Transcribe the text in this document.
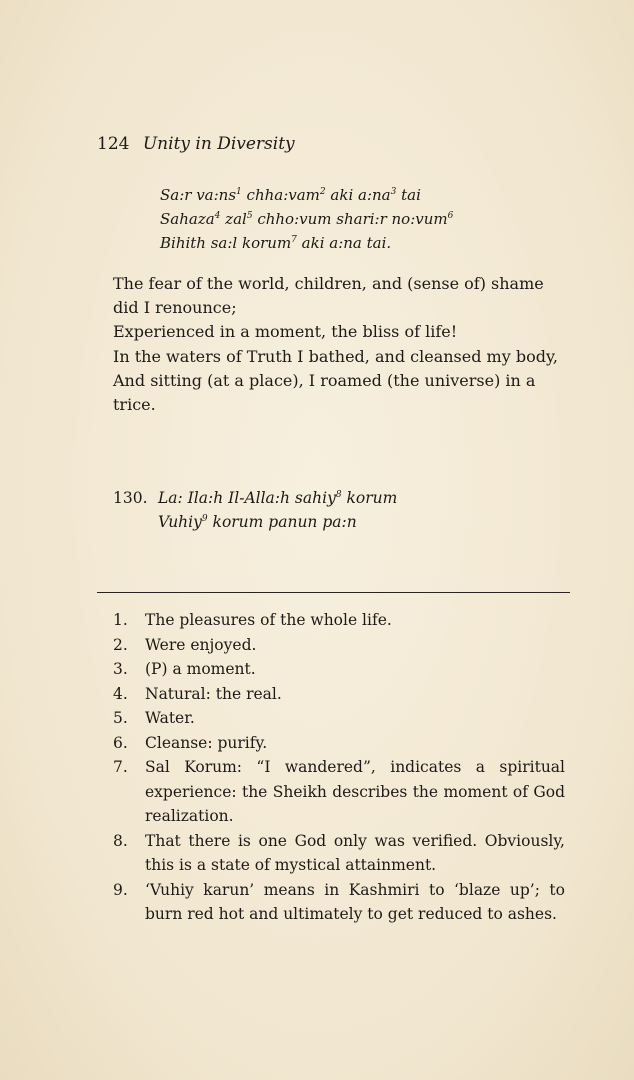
124 Unity in Diversity
Sa:r $va:ns^1$ chha:vam$^2$ aki $a:na^3$ tai
Sahaza$^4$ zal$^5$ chho:vum shari:r no:vum$^6$
Bihith sa:l korum$^7$ aki a:na tai.

The fear of the world, children, and (sense of) shame did I renounce;

Experienced in a moment, the bliss of life!

In the waters of Truth I bathed, and cleansed my body,

And sitting (at a place), I roamed (the universe) in a trice.

130. La: Ila:h Il-Alla:h sahiy$^8$ korum
Vuhiy$^9$ korum panun pa:n
1.	The pleasures of the whole life.
2.	Were enjoyed.
3.	(P) a moment.
4.	Natural: the real.
5.	Water.
6.	Cleanse: purify.
7.	Sal Korum: “I wandered”, indicates a spiritual experience: the Sheikh describes the moment of God realization.
8.	That there is one God only was verified. Obviously, this is a state of mystical attainment.
9.	‘Vuhiy karun’ means in Kashmiri to ‘blaze up’; to burn red hot and ultimately to get reduced to ashes.
